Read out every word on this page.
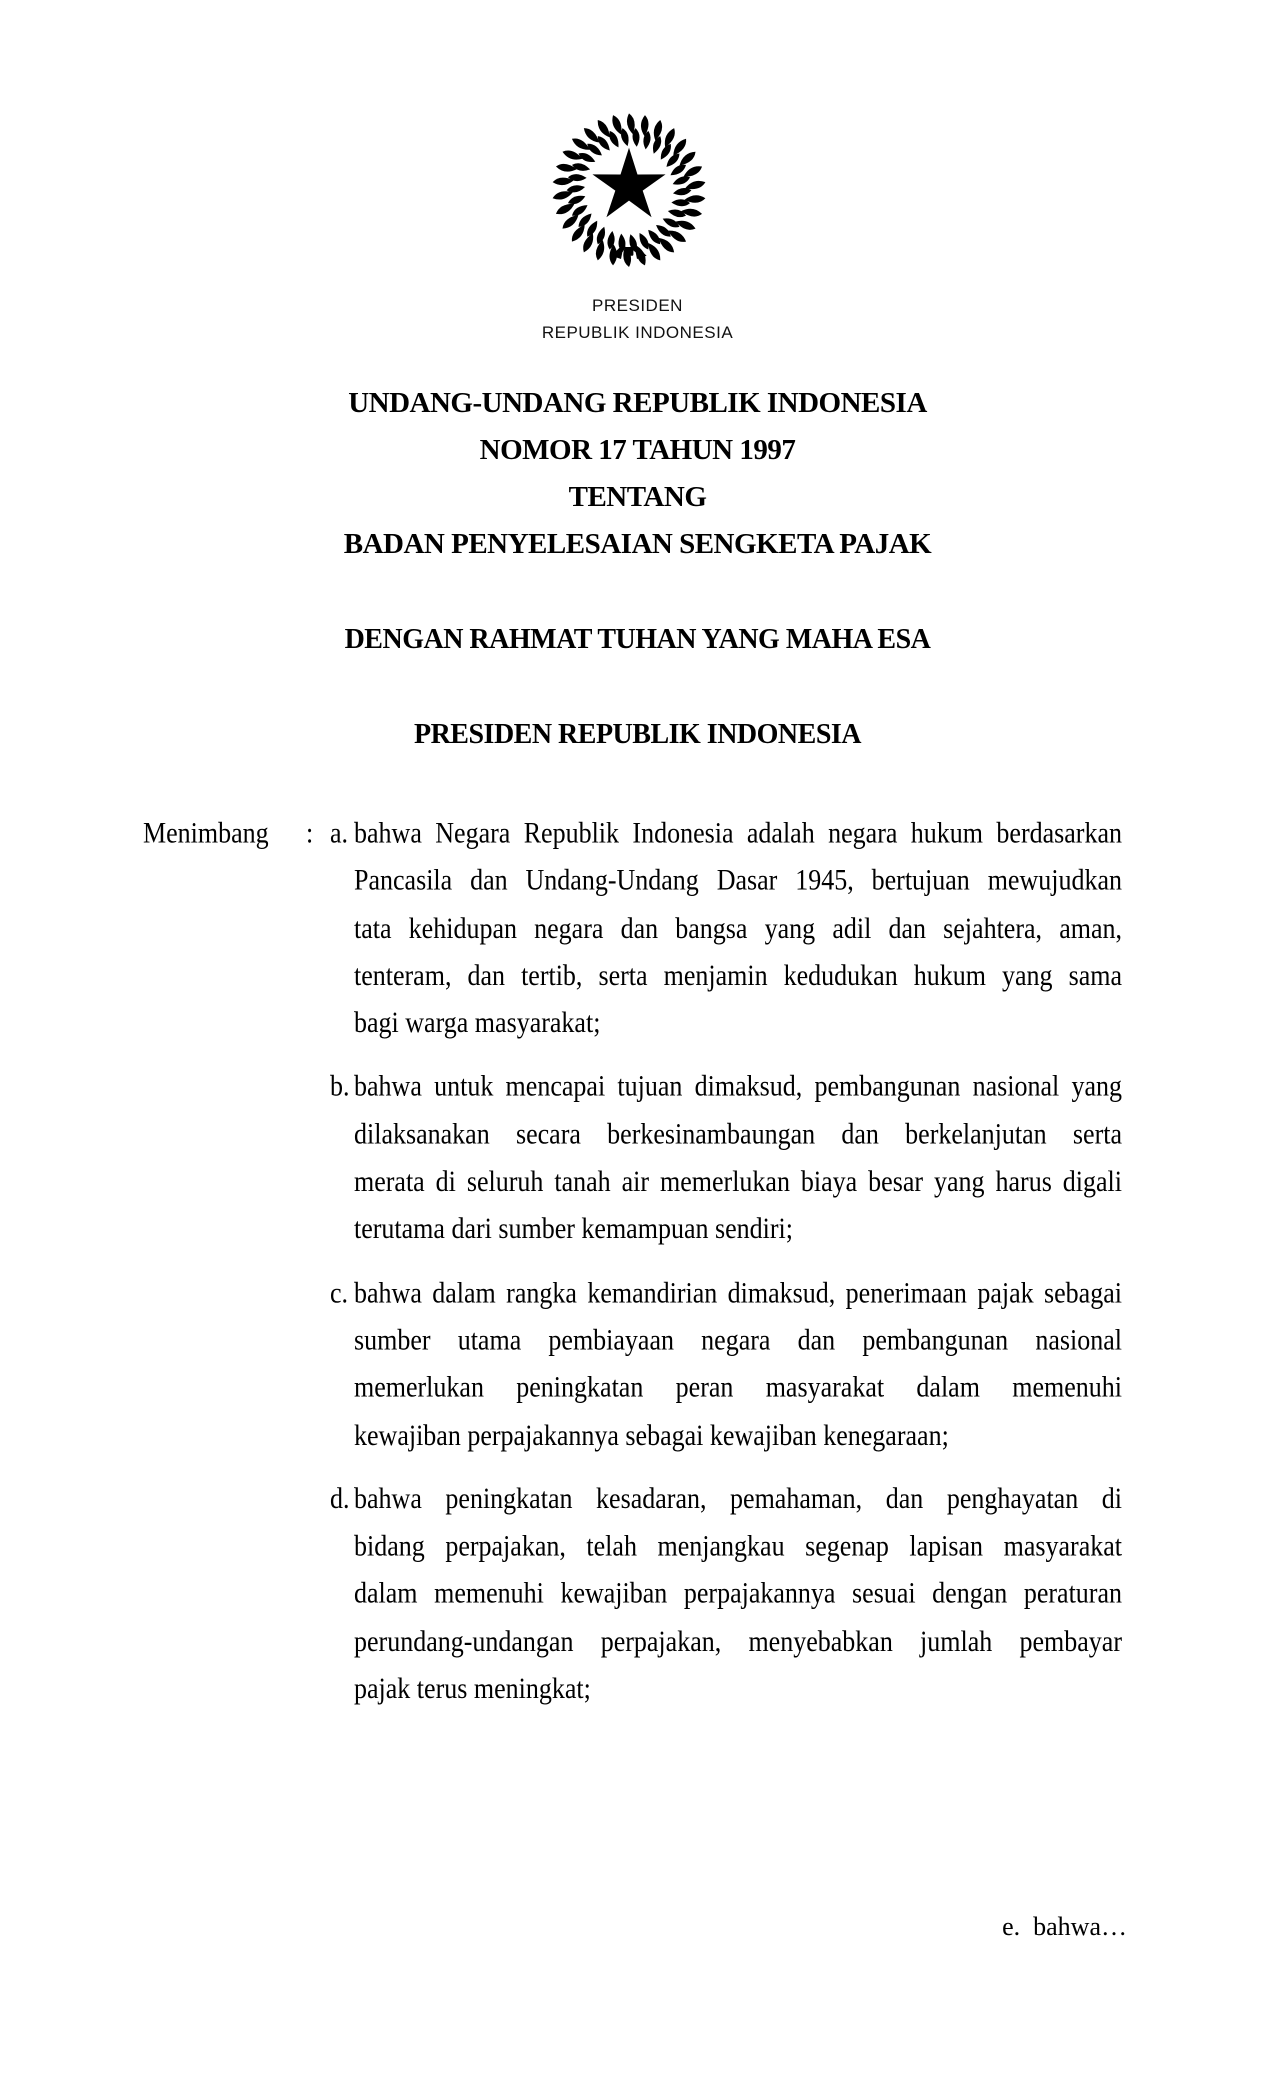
PRESIDEN
REPUBLIK INDONESIA
UNDANG-UNDANG REPUBLIK INDONESIA
NOMOR 17 TAHUN 1997
TENTANG
BADAN PENYELESAIAN SENGKETA PAJAK
DENGAN RAHMAT TUHAN YANG MAHA ESA
PRESIDEN REPUBLIK INDONESIA
Menimbang : a. bahwa Negara Republik Indonesia adalah negara hukum berdasarkan
Pancasila dan Undang-Undang Dasar 1945, bertujuan mewujudkan
tata kehidupan negara dan bangsa yang adil dan sejahtera, aman,
tenteram, dan tertib, serta menjamin kedudukan hukum yang sama
bagi warga masyarakat;
b. bahwa untuk mencapai tujuan dimaksud, pembangunan nasional yang
dilaksanakan secara berkesinambaungan dan berkelanjutan serta
merata di seluruh tanah air memerlukan biaya besar yang harus digali
terutama dari sumber kemampuan sendiri;
c. bahwa dalam rangka kemandirian dimaksud, penerimaan pajak sebagai
sumber utama pembiayaan negara dan pembangunan nasional
memerlukan peningkatan peran masyarakat dalam memenuhi
kewajiban perpajakannya sebagai kewajiban kenegaraan;
d. bahwa peningkatan kesadaran, pemahaman, dan penghayatan di
bidang perpajakan, telah menjangkau segenap lapisan masyarakat
dalam memenuhi kewajiban perpajakannya sesuai dengan peraturan
perundang-undangan perpajakan, menyebabkan jumlah pembayar
pajak terus meningkat;
e.  bahwa…
